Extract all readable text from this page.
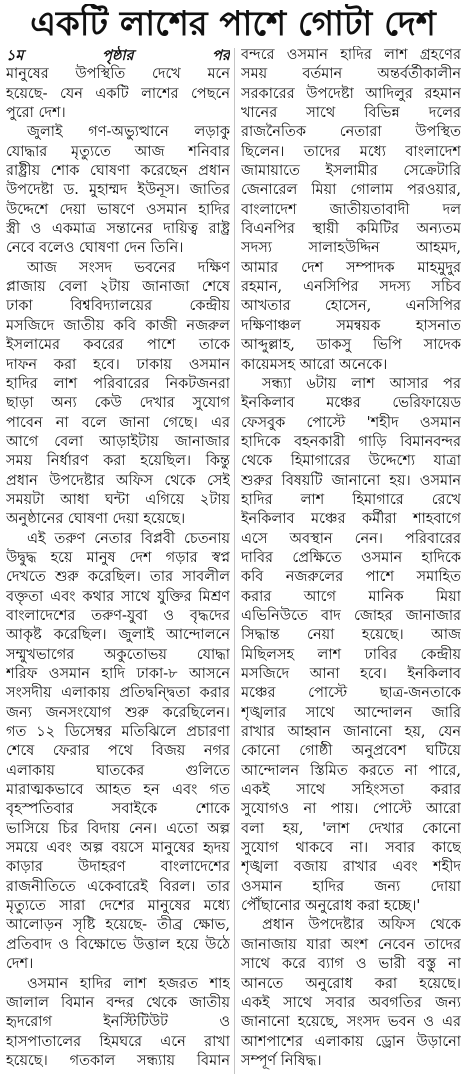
একটি লাশের পাশে গোটা দেশ
১ম পৃষ্ঠার পর
মানুষের উপস্থিতি দেখে মনে
হয়েছে- যেন একটি লাশের পেছনে
পুরো দেশ।
জুলাই গণ-অভ্যুত্থানে লড়াকু
যোদ্ধার মৃত্যুতে আজ শনিবার
রাষ্ট্রীয় শোক ঘোষণা করেছেন প্রধান
উপদেষ্টা ড. মুহাম্মদ ইউনূস। জাতির
উদ্দেশে দেয়া ভাষণে ওসমান হাদির
স্ত্রী ও একমাত্র সন্তানের দায়িত্ব রাষ্ট্র
নেবে বলেও ঘোষণা দেন তিনি।
আজ সংসদ ভবনের দক্ষিণ
প্লাজায় বেলা ২টায় জানাজা শেষে
ঢাকা বিশ্ববিদ্যালয়ের কেন্দ্রীয়
মসজিদে জাতীয় কবি কাজী নজরুল
ইসলামের কবরের পাশে তাকে
দাফন করা হবে। ঢাকায় ওসমান
হাদির লাশ পরিবারের নিকটজনরা
ছাড়া অন্য কেউ দেখার সুযোগ
পাবেন না বলে জানা গেছে। এর
আগে বেলা আড়াইটায় জানাজার
সময় নির্ধারণ করা হয়েছিল। কিন্তু
প্রধান উপদেষ্টার অফিস থেকে সেই
সময়টা আধা ঘন্টা এগিয়ে ২টায়
অনুষ্ঠানের ঘোষণা দেয়া হয়েছে।
এই তরুণ নেতার বিপ্লবী চেতনায়
উদ্বুদ্ধ হয়ে মানুষ দেশ গড়ার স্বপ্ন
দেখতে শুরু করেছিল। তার সাবলীল
বক্তৃতা এবং কথার সাথে যুক্তির মিশ্রণ
বাংলাদেশের তরুণ-যুবা ও বৃদ্ধদের
আকৃষ্ট করেছিল। জুলাই আন্দোলনে
সম্মুখভাগের অকুতোভয় যোদ্ধা
শরিফ ওসমান হাদি ঢাকা-৮ আসনে
সংসদীয় এলাকায় প্রতিদ্বন্দ্বিতা করার
জন্য জনসংযোগ শুরু করেছিলেন।
গত ১২ ডিসেম্বর মতিঝিলে প্রচারণা
শেষে ফেরার পথে বিজয় নগর
এলাকায় ঘাতকের গুলিতে
মারাত্মকভাবে আহত হন এবং গত
বৃহস্পতিবার সবাইকে শোকে
ভাসিয়ে চির বিদায় নেন। এতো অল্প
সময়ে এবং অল্প বয়সে মানুষের হৃদয়
কাড়ার উদাহরণ বাংলাদেশের
রাজনীতিতে একেবারেই বিরল। তার
মৃত্যুতে সারা দেশের মানুষের মধ্যে
আলোড়ন সৃষ্টি হয়েছে- তীব্র ক্ষোভ,
প্রতিবাদ ও বিক্ষোভে উত্তাল হয়ে উঠে
দেশ।
ওসমান হাদির লাশ হজরত শাহ
জালাল বিমান বন্দর থেকে জাতীয়
হৃদরোগ ইনস্টিটিউট ও
হাসপাতালের হিমঘরে এনে রাখা
হয়েছে। গতকাল সন্ধ্যায় বিমান
বন্দরে ওসমান হাদির লাশ গ্রহণের
সময় বর্তমান অন্তর্বর্তীকালীন
সরকারের উপদেষ্টা আদিলুর রহমান
খানের সাথে বিভিন্ন দলের
রাজনৈতিক নেতারা উপস্থিত
ছিলেন। তাদের মধ্যে বাংলাদেশ
জামায়াতে ইসলামীর সেক্রেটারি
জেনারেল মিয়া গোলাম পরওয়ার,
বাংলাদেশ জাতীয়তাবাদী দল
বিএনপির স্থায়ী কমিটির অন্যতম
সদস্য সালাহউদ্দিন আহমদ,
আমার দেশ সম্পাদক মাহমুদুর
রহমান, এনসিপির সদস্য সচিব
আখতার হোসেন, এনসিপির
দক্ষিণাঞ্চল সমন্বয়ক হাসনাত
আব্দুল্লাহ, ডাকসু ভিপি সাদেক
কায়েমসহ আরো অনেকে।
সন্ধ্যা ৬টায় লাশ আসার পর
ইনকিলাব মঞ্চের ভেরিফায়েড
ফেসবুক পোস্টে 'শহীদ ওসমান
হাদিকে বহনকারী গাড়ি বিমানবন্দর
থেকে হিমাগারের উদ্দেশ্যে যাত্রা
শুরুর বিষয়টি জানানো হয়। ওসমান
হাদির লাশ হিমাগারে রেখে
ইনকিলাব মঞ্চের কর্মীরা শাহবাগে
এসে অবস্থান নেন। পরিবারের
দাবির প্রেক্ষিতে ওসমান হাদিকে
কবি নজরুলের পাশে সমাহিত
করার আগে মানিক মিয়া
এভিনিউতে বাদ জোহর জানাজার
সিদ্ধান্ত নেয়া হয়েছে। আজ
মিছিলসহ লাশ ঢাবির কেন্দ্রীয়
মসজিদে আনা হবে। ইনকিলাব
মঞ্চের পোস্টে ছাত্র-জনতাকে
শৃঙ্খলার সাথে আন্দোলন জারি
রাখার আহ্বান জানানো হয়, যেন
কোনো গোষ্ঠী অনুপ্রবেশ ঘটিয়ে
আন্দোলন স্তিমিত করতে না পারে,
একই সাথে সহিংসতা করার
সুযোগও না পায়। পোস্টে আরো
বলা হয়, 'লাশ দেখার কোনো
সুযোগ থাকবে না। সবার কাছে
শৃঙ্খলা বজায় রাখার এবং শহীদ
ওসমান হাদির জন্য দোয়া
পৌঁছানোর অনুরোধ করা হচ্ছে।'
প্রধান উপদেষ্টার অফিস থেকে
জানাজায় যারা অংশ নেবেন তাদের
সাথে করে ব্যাগ ও ভারী বস্তু না
আনতে অনুরোধ করা হয়েছে।
একই সাথে সবার অবগতির জন্য
জানানো হয়েছে, সংসদ ভবন ও এর
আশপাশের এলাকায় ড্রোন উড়ানো
সম্পূর্ণ নিষিদ্ধ।
